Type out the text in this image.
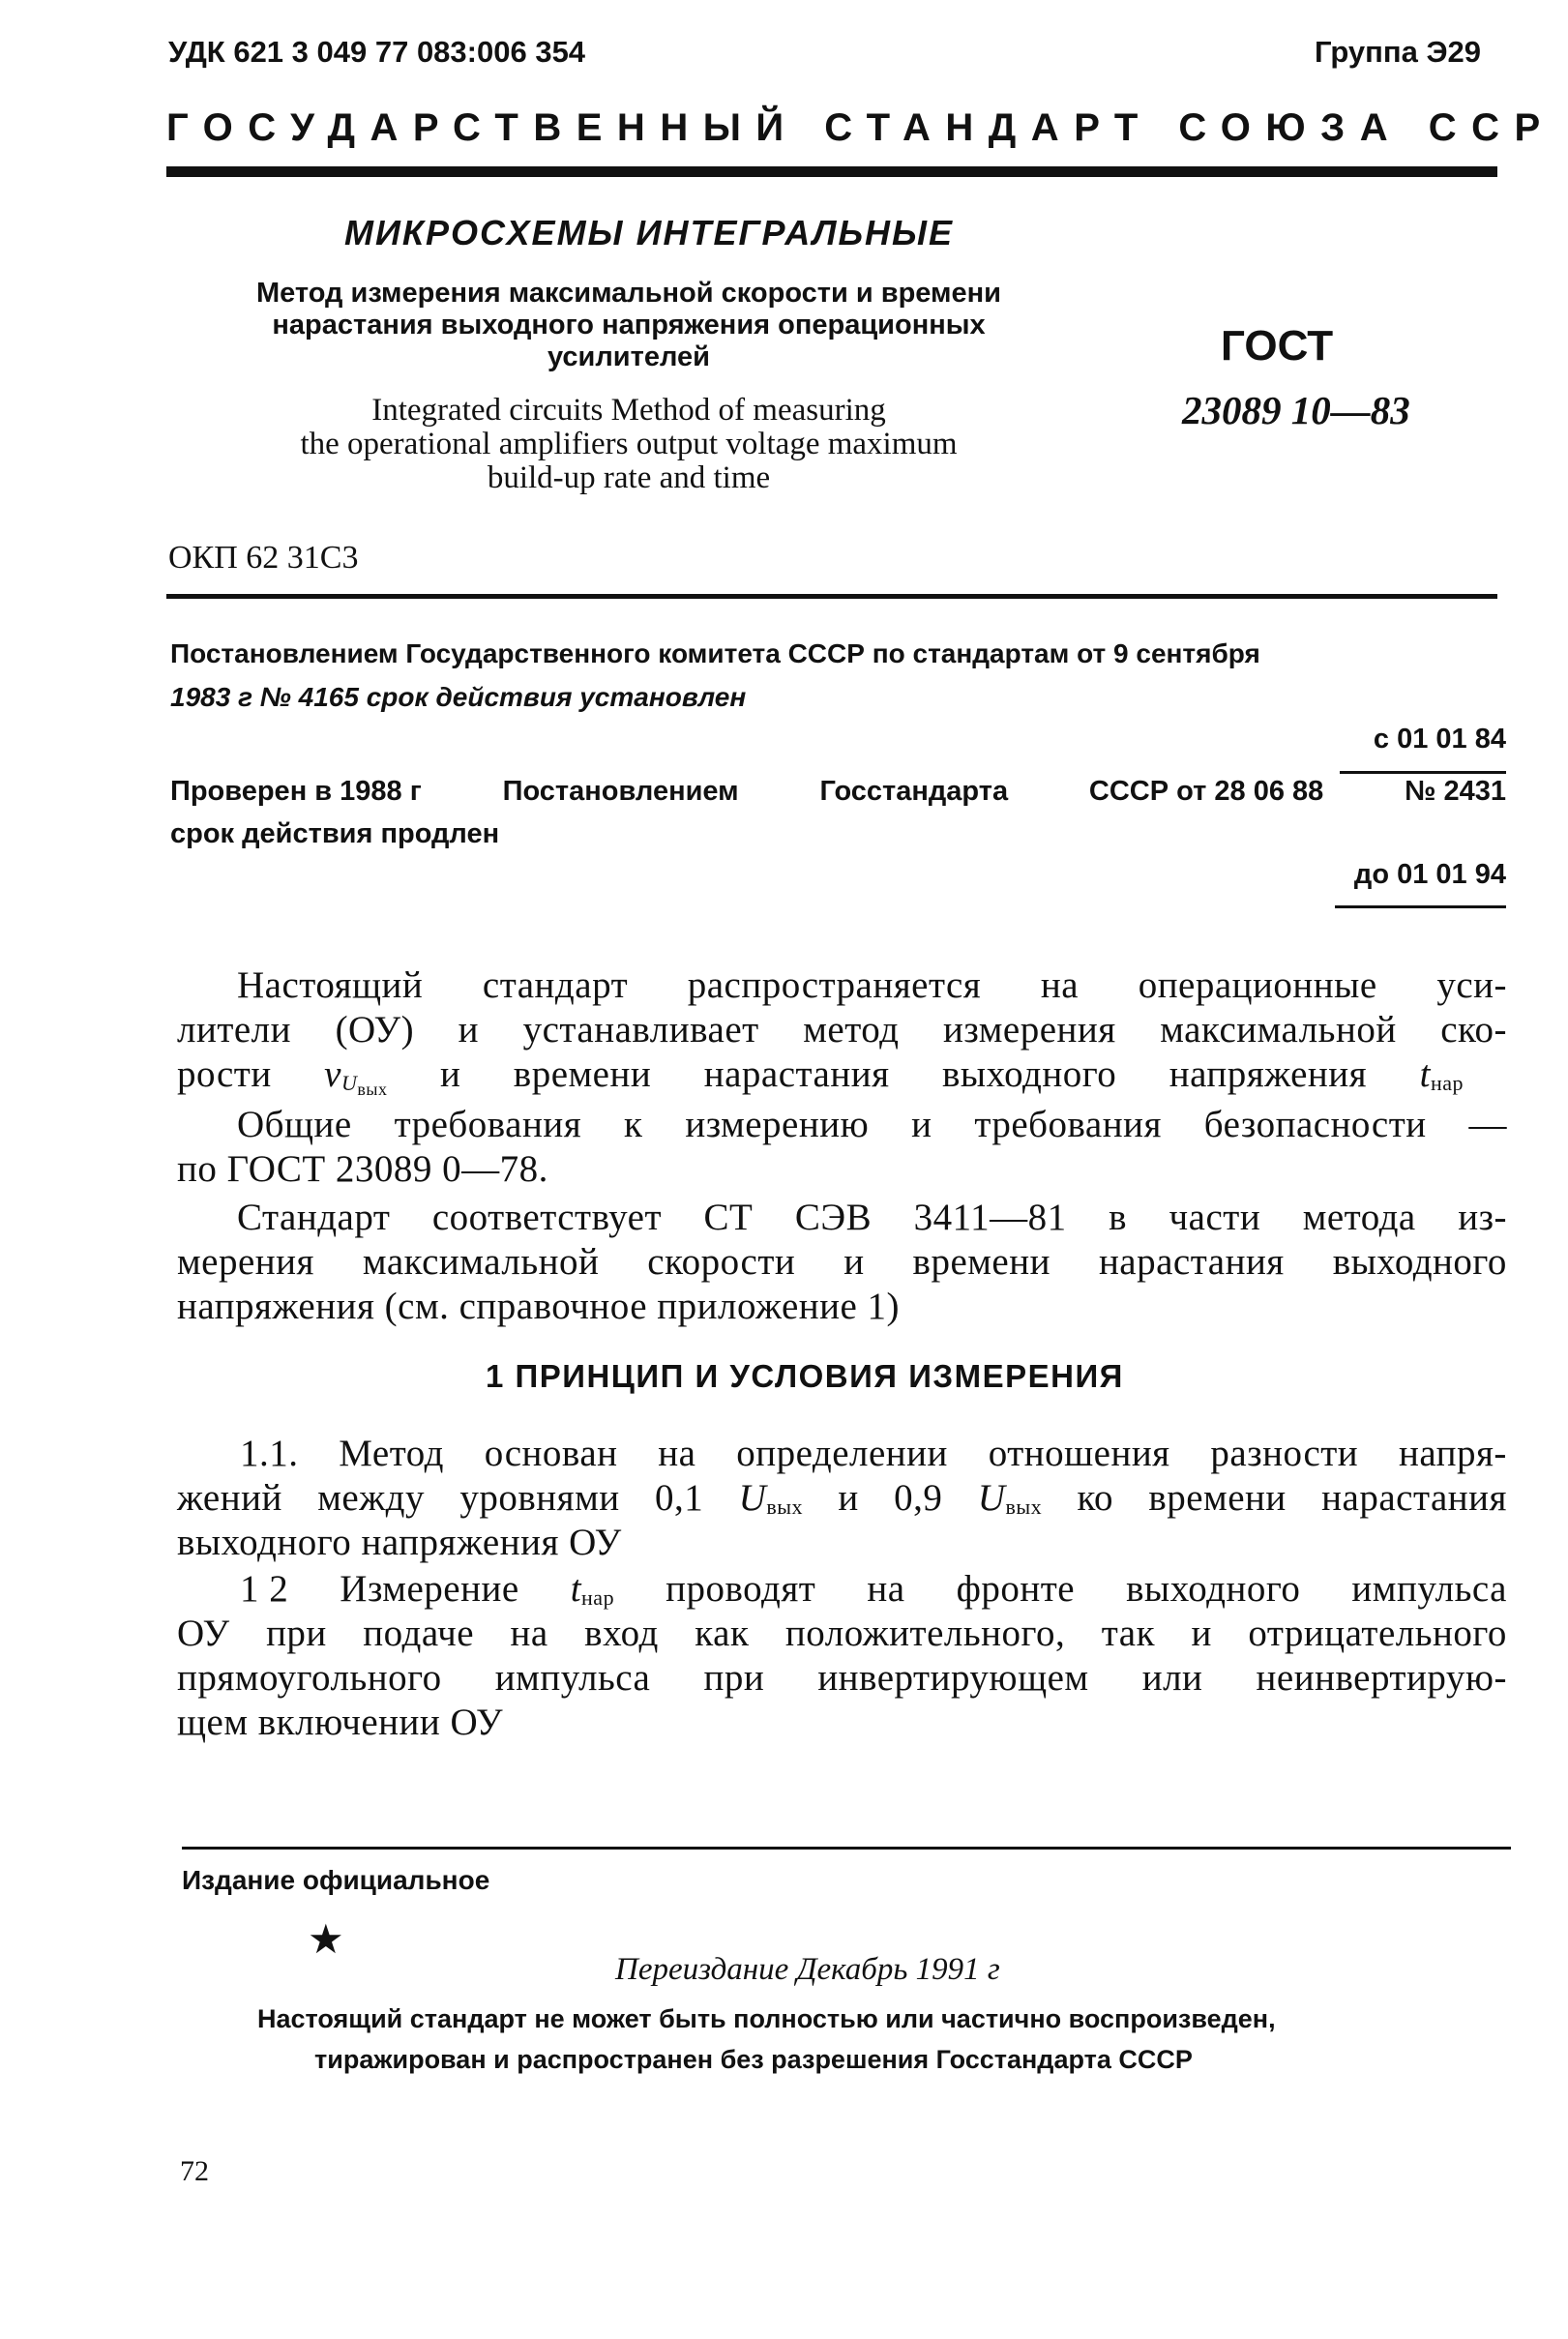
УДК 621 3 049 77 083:006 354	Группа Э29
ГОСУДАРСТВЕННЫЙ СТАНДАРТ СОЮЗА ССР
МИКРОСХЕМЫ ИНТЕГРАЛЬНЫЕ
Метод измерения максимальной скорости и времени
нарастания выходного напряжения операционных
усилителей
Integrated circuits Method of measuring
the operational amplifiers output voltage maximum
build-up rate and time
ГОСТ
23089 10—83
ОКП 62 31С3
Постановлением Государственного комитета СССР по стандартам от 9 сентября
1983 г № 4165 срок действия установлен
с 01 01 84
Проверен в 1988 г	Постановлением	Госстандарта	СССР от 28 06 88	№ 2431
срок действия продлен
до 01 01 94
Настоящий стандарт распространяется на операционные уси-
лители (ОУ) и устанавливает метод измерения максимальной ско-
рости $vU_{вых}$ и времени нарастания выходного напряжения tнар
Общие требования к измерению и требования безопасности —
по ГОСТ 23089 0—78.
Стандарт соответствует СТ СЭВ 3411—81 в части метода из-
мерения максимальной скорости и времени нарастания выходного
напряжения (см. справочное приложение 1)
1 ПРИНЦИП И УСЛОВИЯ ИЗМЕРЕНИЯ
1.1. Метод основан на определении отношения разности напря-
жений между уровнями 0,1 Uвых и 0,9 Uвых ко времени нарастания
выходного напряжения ОУ
1 2 Измерение tнар проводят на фронте выходного импульса
ОУ при подаче на вход как положительного, так и отрицательного
прямоугольного импульса при инвертирующем или неинвертирую-
щем включении ОУ
Издание официальное
★
Переиздание Декабрь 1991 г
Настоящий стандарт не может быть полностью или частично воспроизведен,
тиражирован и распространен без разрешения Госстандарта СССР
72
